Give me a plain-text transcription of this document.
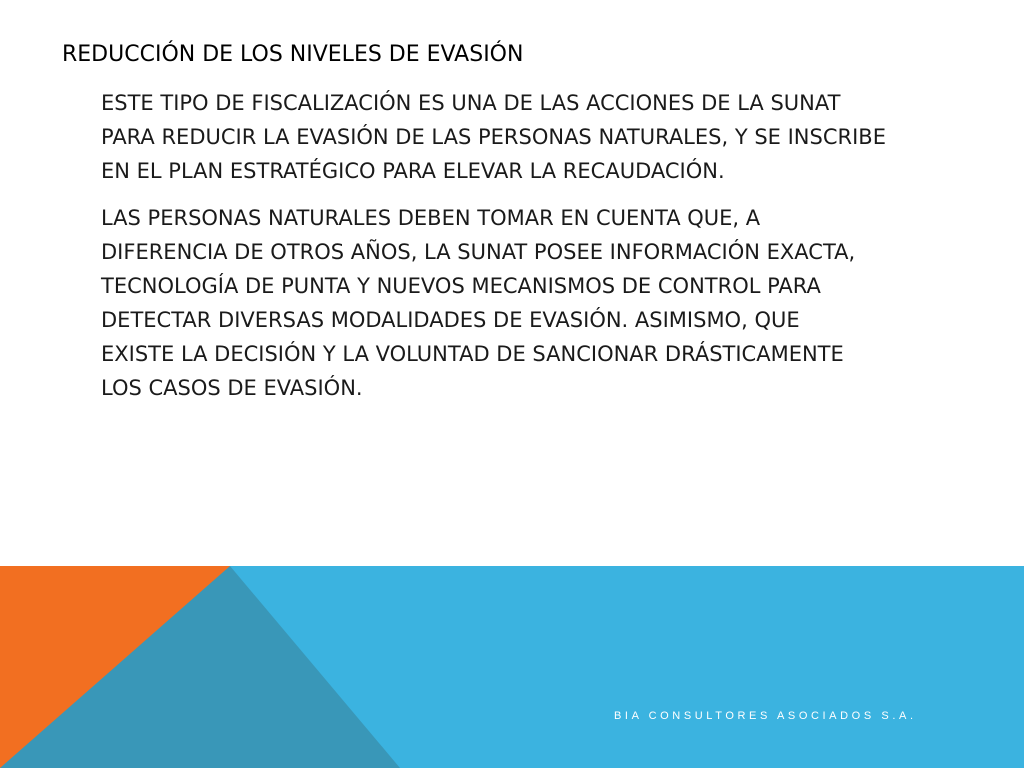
REDUCCIÓN DE LOS NIVELES DE EVASIÓN

ESTE TIPO DE FISCALIZACIÓN ES UNA DE LAS ACCIONES DE LA SUNAT
PARA REDUCIR LA EVASIÓN DE LAS PERSONAS NATURALES, Y SE INSCRIBE
EN EL PLAN ESTRATÉGICO PARA ELEVAR LA RECAUDACIÓN.

LAS PERSONAS NATURALES DEBEN TOMAR EN CUENTA QUE, A
DIFERENCIA DE OTROS AÑOS, LA SUNAT POSEE INFORMACIÓN EXACTA,
TECNOLOGÍA DE PUNTA Y NUEVOS MECANISMOS DE CONTROL PARA
DETECTAR DIVERSAS MODALIDADES DE EVASIÓN. ASIMISMO, QUE
EXISTE LA DECISIÓN Y LA VOLUNTAD DE SANCIONAR DRÁSTICAMENTE
LOS CASOS DE EVASIÓN.

BIA CONSULTORES ASOCIADOS S.A.
